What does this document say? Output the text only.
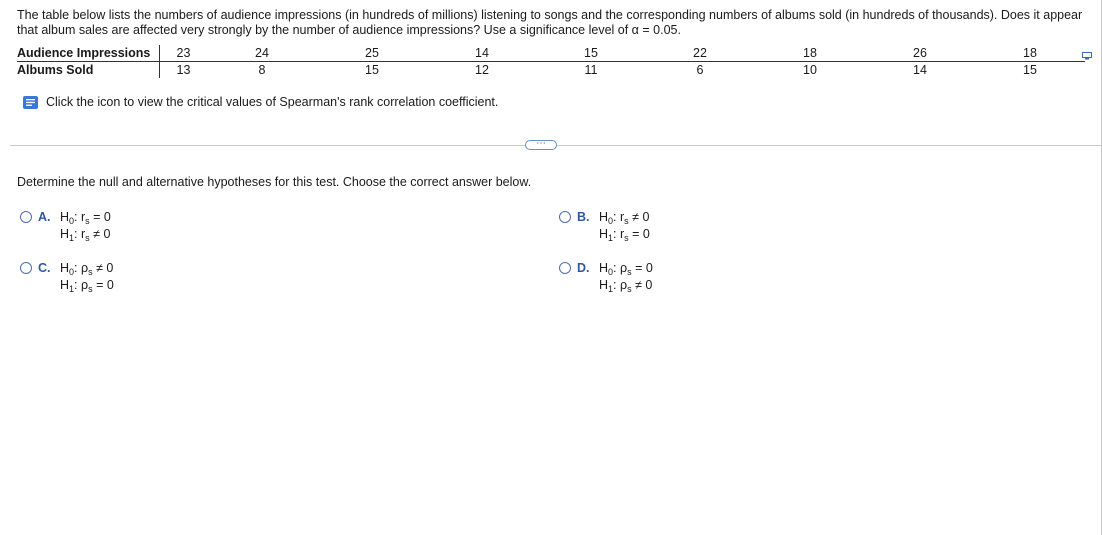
The table below lists the numbers of audience impressions (in hundreds of millions) listening to songs and the corresponding numbers of albums sold (in hundreds of thousands). Does it appear that album sales are affected very strongly by the number of audience impressions? Use a significance level of α = 0.05.
Audience Impressions	23	24	25	14	15	22	18	26	18
Albums Sold	13	8	15	12	11	6	10	14	15
Click the icon to view the critical values of Spearman's rank correlation coefficient.
⋯
Determine the null and alternative hypotheses for this test. Choose the correct answer below.
A. $H_0$: $r_s = 0$
$H_1$: $r_s \ne 0$
B. $H_0$: $r_s \ne 0$
$H_1$: $r_s = 0$
C. $H_0$: $\rho_s \ne 0$
$H_1$: $\rho_s = 0$
D. $H_0$: $\rho_s = 0$
$H_1$: $\rho_s \ne 0$
